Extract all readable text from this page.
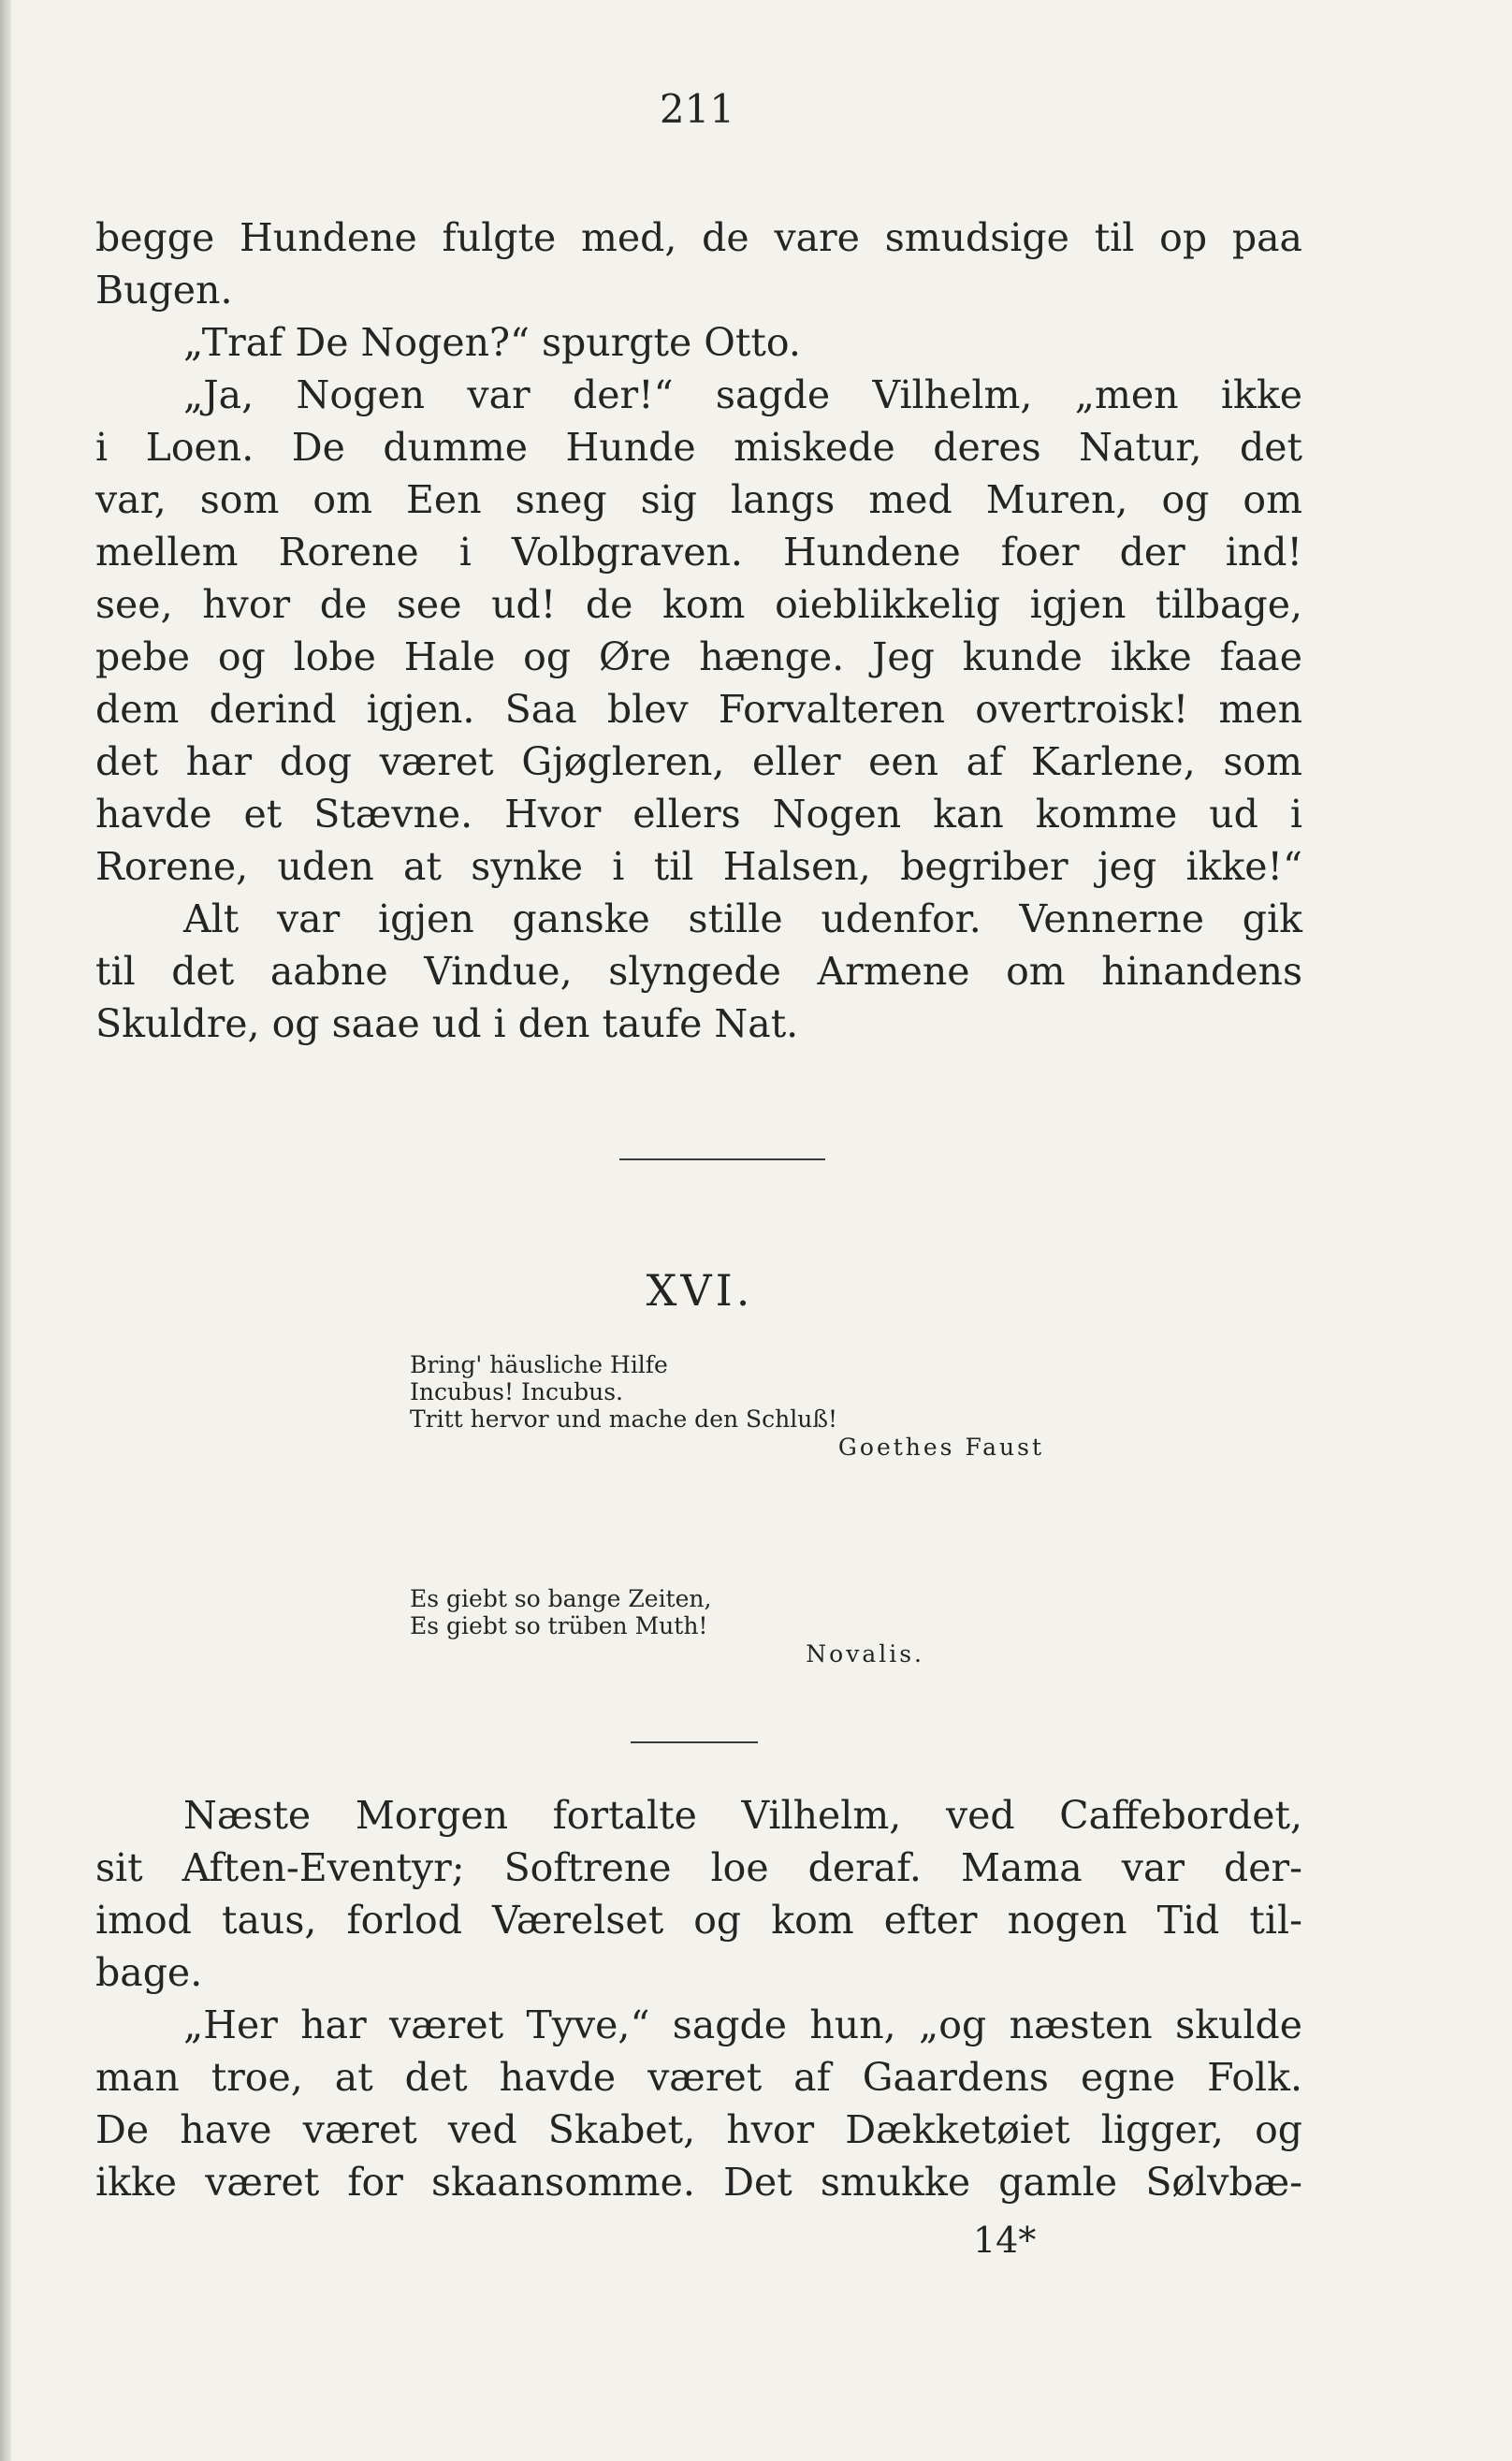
211
begge Hundene fulgte med, de vare smudsige til op paa
Bugen.
„Traf De Nogen?“ spurgte Otto.
„Ja, Nogen var der!“ sagde Vilhelm, „men ikke
i Loen. De dumme Hunde miskede deres Natur, det
var, som om Een sneg sig langs med Muren, og om
mellem Rorene i Volbgraven. Hundene foer der ind!
see, hvor de see ud! de kom oieblikkelig igjen tilbage,
pebe og lobe Hale og Øre hænge. Jeg kunde ikke faae
dem derind igjen. Saa blev Forvalteren overtroisk! men
det har dog været Gjøgleren, eller een af Karlene, som
havde et Stævne. Hvor ellers Nogen kan komme ud i
Rorene, uden at synke i til Halsen, begriber jeg ikke!“
Alt var igjen ganske stille udenfor. Vennerne gik
til det aabne Vindue, slyngede Armene om hinandens
Skuldre, og saae ud i den taufe Nat.
XVI.
Bring' häusliche Hilfe
Incubus! Incubus.
Tritt hervor und mache den Schluß!
Goethes Faust
Es giebt so bange Zeiten,
Es giebt so trüben Muth!
Novalis.
Næste Morgen fortalte Vilhelm, ved Caffebordet,
sit Aften-Eventyr; Softrene loe deraf. Mama var der-
imod taus, forlod Værelset og kom efter nogen Tid til-
bage.
„Her har været Tyve,“ sagde hun, „og næsten skulde
man troe, at det havde været af Gaardens egne Folk.
De have været ved Skabet, hvor Dækketøiet ligger, og
ikke været for skaansomme. Det smukke gamle Sølvbæ-
14*
